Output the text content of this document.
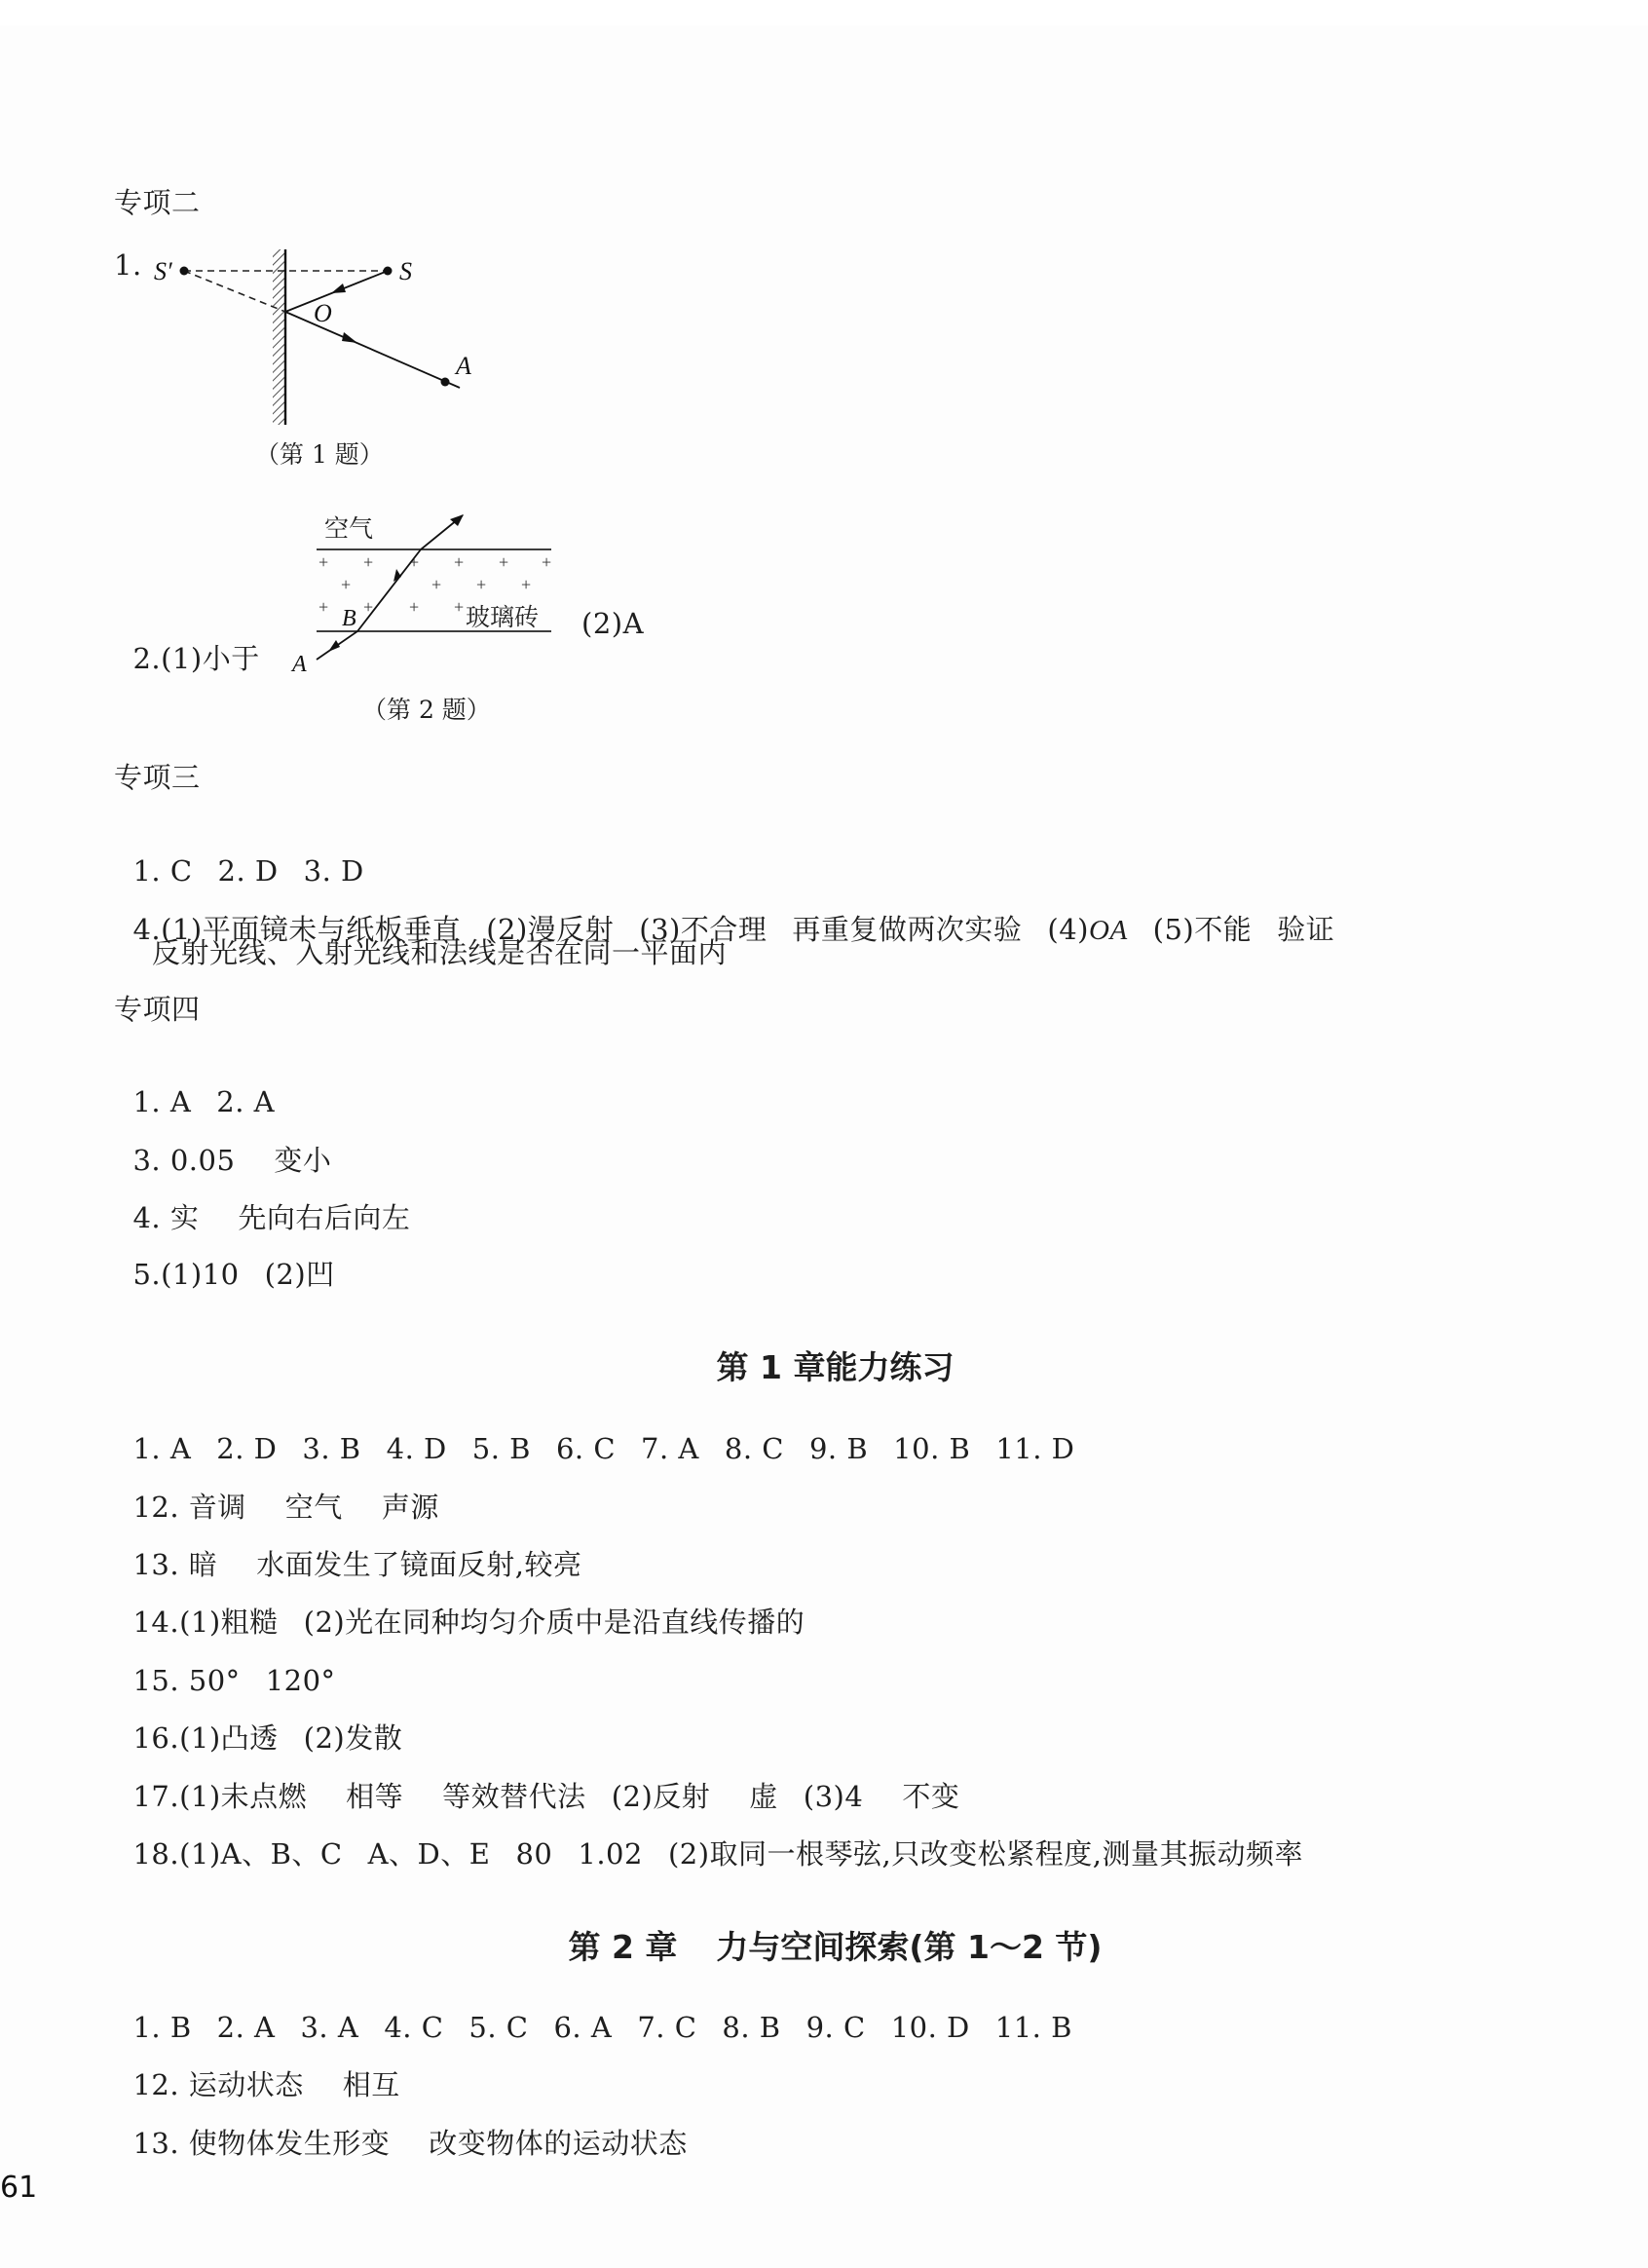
专项二
1. S′	S
O
A
（第 1 题）

2.(1)小于

+ + + + + +
+	+ + +
+ + + +
空气
玻璃砖
A
B	(2)A
（第 2 题）
专项三

1. C 2. D 3. D

4.(1)平面镜未与纸板垂直 (2)漫反射 (3)不合理 再重复做两次实验 (4)OA (5)不能 验证

反射光线、入射光线和法线是否在同一平面内
专项四

1. A 2. A

3. 0.05 变小

4. 实 先向右后向左

5.(1)10 (2)凹

第 1 章能力练习

1. A 2. D 3. B 4. D 5. B 6. C 7. A 8. C 9. B 10. B 11. D

12. 音调 空气 声源

13. 暗 水面发生了镜面反射,较亮

14.(1)粗糙 (2)光在同种均匀介质中是沿直线传播的

15. 50° 120°

16.(1)凸透 (2)发散

17.(1)未点燃 相等 等效替代法 (2)反射 虚 (3)4 不变

18.(1)A、B、C A、D、E 80 1.02 (2)取同一根琴弦,只改变松紧程度,测量其振动频率

第 2 章 力与空间探索(第 1～2 节)

1. B 2. A 3. A 4. C 5. C 6. A 7. C 8. B 9. C 10. D 11. B

12. 运动状态 相互

13. 使物体发生形变 改变物体的运动状态

61
